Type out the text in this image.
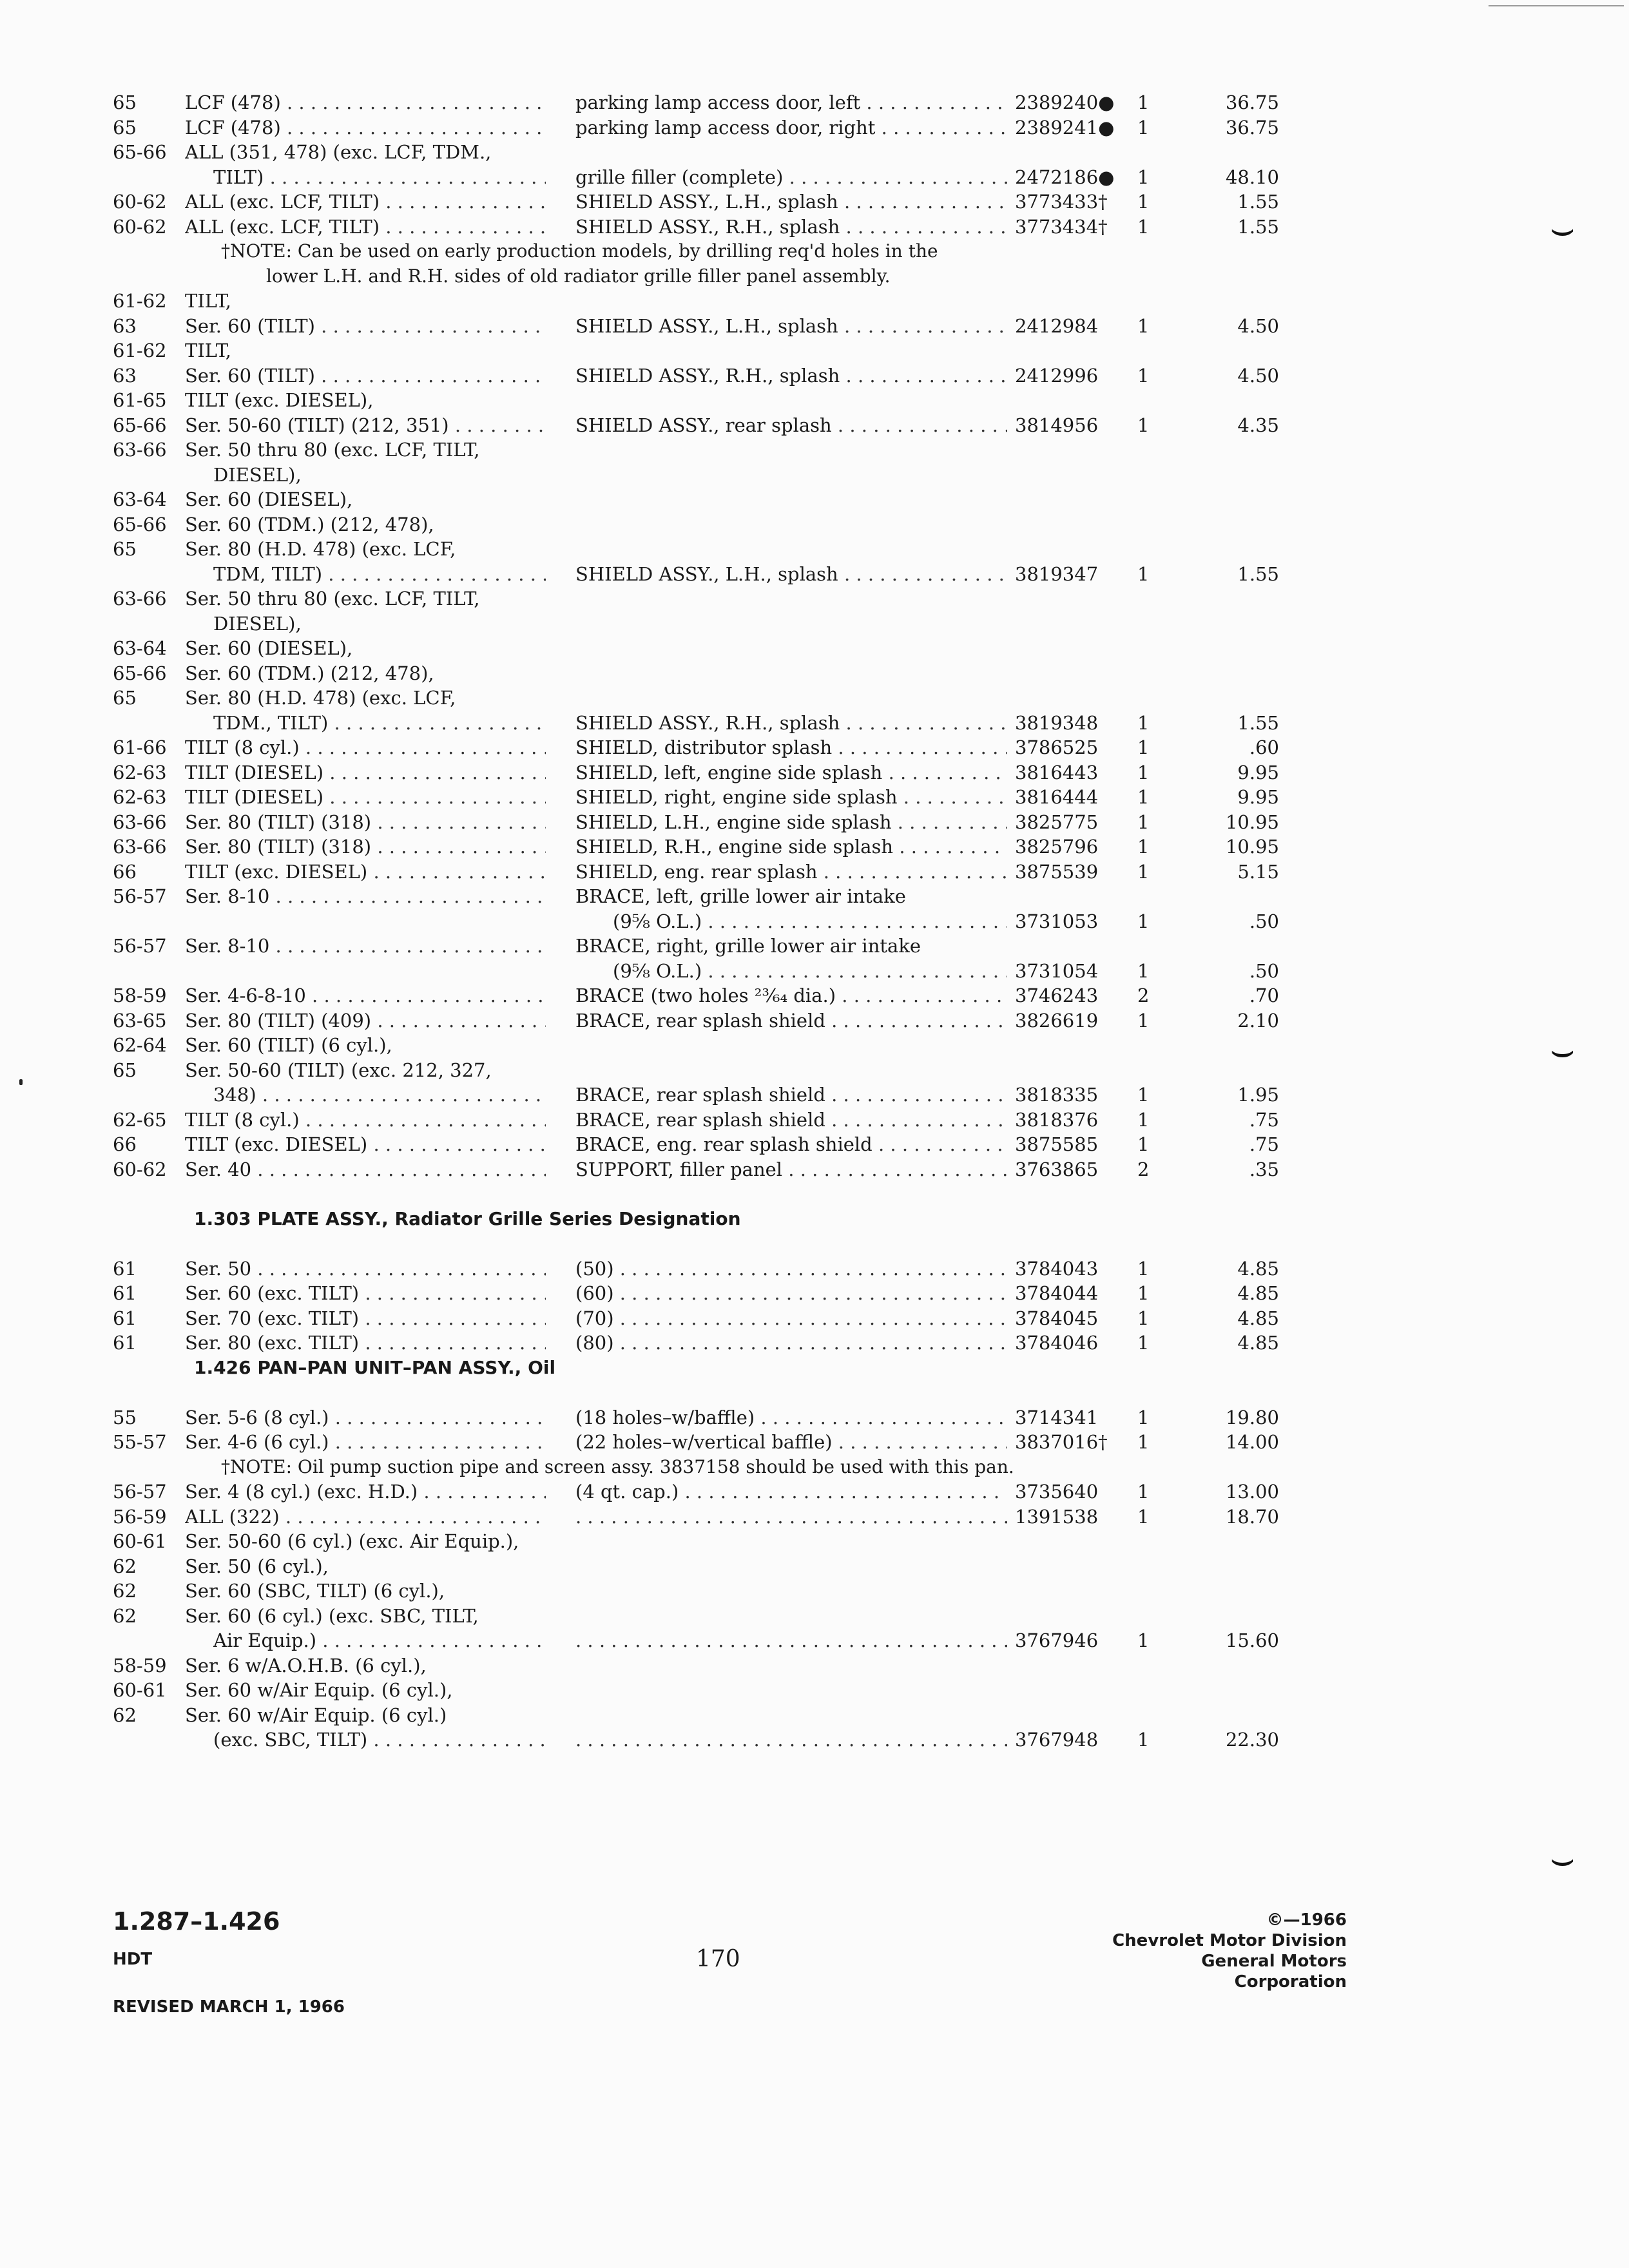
⌣
⌣
⌣
65	LCF (478) . . .	parking lamp access door, left . . .	2389240● 1	36.75
65	LCF (478) . . .	parking lamp access door, right . . .	2389241● 1	36.75
65-66 ALL (351, 478) (exc. LCF, TDM.,
TILT) . . .	grille filler (complete) . . .	2472186● 1	48.10
60-62 ALL (exc. LCF, TILT) . . .	SHIELD ASSY., L.H., splash . . .	3773433† 1	1.55
60-62 ALL (exc. LCF, TILT) . . .	SHIELD ASSY., R.H., splash . . .	3773434† 1	1.55
†NOTE: Can be used on early production models, by drilling req'd holes in the
lower L.H. and R.H. sides of old radiator grille filler panel assembly.
61-62 TILT,
63	Ser. 60 (TILT) . . .	SHIELD ASSY., L.H., splash . . .	2412984 1	4.50
61-62 TILT,
63	Ser. 60 (TILT) . . .	SHIELD ASSY., R.H., splash . . .	2412996 1	4.50
61-65 TILT (exc. DIESEL),
65-66 Ser. 50-60 (TILT) (212, 351) . . .	SHIELD ASSY., rear splash . . .	3814956 1	4.35
63-66 Ser. 50 thru 80 (exc. LCF, TILT,
DIESEL),
63-64 Ser. 60 (DIESEL),
65-66 Ser. 60 (TDM.) (212, 478),
65	Ser. 80 (H.D. 478) (exc. LCF,
TDM, TILT) . . .	SHIELD ASSY., L.H., splash . . .	3819347 1	1.55
63-66 Ser. 50 thru 80 (exc. LCF, TILT,
DIESEL),
63-64 Ser. 60 (DIESEL),
65-66 Ser. 60 (TDM.) (212, 478),
65	Ser. 80 (H.D. 478) (exc. LCF,
TDM., TILT) . . .	SHIELD ASSY., R.H., splash . . .	3819348 1	1.55
61-66 TILT (8 cyl.) . . .	SHIELD, distributor splash . . .	3786525 1	.60
62-63 TILT (DIESEL) . . .	SHIELD, left, engine side splash . . .	3816443 1	9.95
62-63 TILT (DIESEL) . . .	SHIELD, right, engine side splash . . .	3816444 1	9.95
63-66 Ser. 80 (TILT) (318) . . .	SHIELD, L.H., engine side splash . . .	3825775 1	10.95
63-66 Ser. 80 (TILT) (318) . . .	SHIELD, R.H., engine side splash . . .	3825796 1	10.95
66	TILT (exc. DIESEL) . . .	SHIELD, eng. rear splash . . .	3875539 1	5.15
56-57 Ser. 8-10 . . .	BRACE, left, grille lower air intake
(9⅝ O.L.) . . .	3731053 1	.50
56-57 Ser. 8-10 . . .	BRACE, right, grille lower air intake
(9⅝ O.L.) . . .	3731054 1	.50
58-59 Ser. 4-6-8-10 . . .	BRACE (two holes ²³⁄₆₄ dia.) . . .	3746243 2	.70
63-65 Ser. 80 (TILT) (409) . . .	BRACE, rear splash shield . . .	3826619 1	2.10
62-64 Ser. 60 (TILT) (6 cyl.),
65	Ser. 50-60 (TILT) (exc. 212, 327,
348) . . .	BRACE, rear splash shield . . .	3818335 1	1.95
62-65 TILT (8 cyl.) . . .	BRACE, rear splash shield . . .	3818376 1	.75
66	TILT (exc. DIESEL) . . .	BRACE, eng. rear splash shield . . .	3875585 1	.75
60-62 Ser. 40 . . .	SUPPORT, filler panel . . .	3763865 2	.35
1.303 PLATE ASSY., Radiator Grille Series Designation
61	Ser. 50 . . .	(50) . . .	3784043 1	4.85
61	Ser. 60 (exc. TILT) . . .	(60) . . .	3784044 1	4.85
61	Ser. 70 (exc. TILT) . . .	(70) . . .	3784045 1	4.85
61	Ser. 80 (exc. TILT) . . .	(80) . . .	3784046 1	4.85
1.426 PAN–PAN UNIT–PAN ASSY., Oil
55	Ser. 5-6 (8 cyl.) . . .	(18 holes–w/baffle) . . .	3714341 1	19.80
55-57 Ser. 4-6 (6 cyl.) . . .	(22 holes–w/vertical baffle) . . .	3837016† 1	14.00
†NOTE: Oil pump suction pipe and screen assy. 3837158 should be used with this pan.
56-57 Ser. 4 (8 cyl.) (exc. H.D.) . . .	(4 qt. cap.) . . .	3735640 1	13.00
56-59 ALL (322) . . . . . .	1391538 1	18.70
60-61 Ser. 50-60 (6 cyl.) (exc. Air Equip.),
62	Ser. 50 (6 cyl.),
62	Ser. 60 (SBC, TILT) (6 cyl.),
62	Ser. 60 (6 cyl.) (exc. SBC, TILT,
Air Equip.) . . . . . .	3767946 1	15.60
58-59 Ser. 6 w/A.O.H.B. (6 cyl.),
60-61 Ser. 60 w/Air Equip. (6 cyl.),
62	Ser. 60 w/Air Equip. (6 cyl.)
(exc. SBC, TILT) . . . . . .	3767948 1	22.30
1.287–1.426
HDT
REVISED MARCH 1, 1966
170
©—1966
Chevrolet Motor Division
General Motors Corporation
